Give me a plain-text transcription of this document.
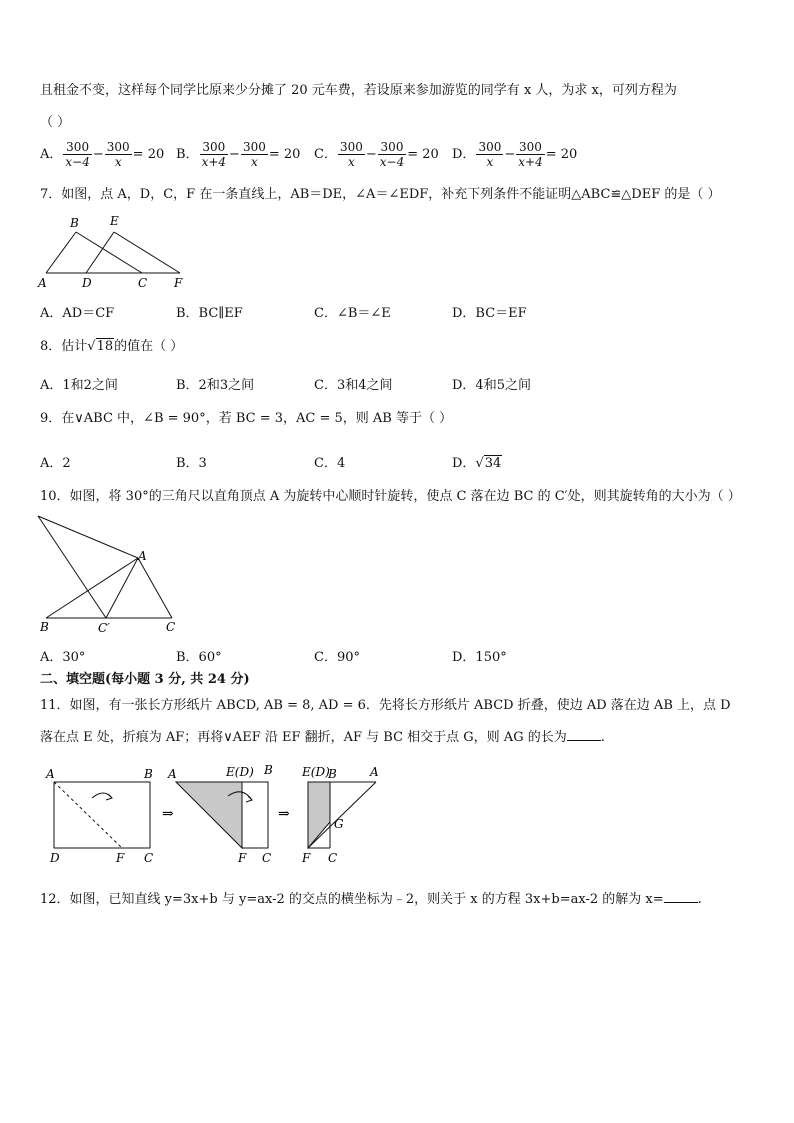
且租金不变，这样每个同学比原来少分摊了 20 元车费，若设原来参加游览的同学有 x 人，为求 x，可列方程为
（ ）
A． $\frac{300}{x-4} - \frac{300}{x} = 20$ B． $\frac{300}{x+4} - \frac{300}{x} = 20$ C． $\frac{300}{x} - \frac{300}{x-4} = 20$ D． $\frac{300}{x} - \frac{300}{x+4} = 20$
7．如图，点 A，D，C，F 在一条直线上，AB＝DE，∠A＝∠EDF，补充下列条件不能证明△ABC≌△DEF 的是（ ）
B	E
A	D	C F
A．AD＝CF	B．BC∥EF	C．∠B＝∠E	D．BC＝EF
8．估计√18的值在（ ）
A．1和2之间	B．2和3之间	C．3和4之间	D．4和5之间
9．在∨ABC 中，∠B = 90°，若 BC = 3，AC = 5，则 AB 等于（ ）
A．2	B．3	C．4	D．√34
10．如图，将 30°的三角尺以直角顶点 A 为旋转中心顺时针旋转，使点 C 落在边 BC 的 C′处，则其旋转角的大小为（ ）
A
B	C′	C
A．30°	B．60°	C．90°	D．150°
二、填空题(每小题 3 分, 共 24 分)
11．如图，有一张长方形纸片 ABCD, AB = 8, AD = 6．先将长方形纸片 ABCD 折叠，使边 AD 落在边 AB 上，点 D
落在点 E 处，折痕为 AF；再将∨AEF 沿 EF 翻折，AF 与 BC 相交于点 G，则 AG 的长为	.
A	B
D	F C
⇒
A	E(D) B
F C
⇒
E(D)
B	A
G
F C
12．如图，已知直线 y=3x+b 与 y=ax-2 的交点的横坐标为﹣2，则关于 x 的方程 3x+b=ax-2 的解为 x=	.
